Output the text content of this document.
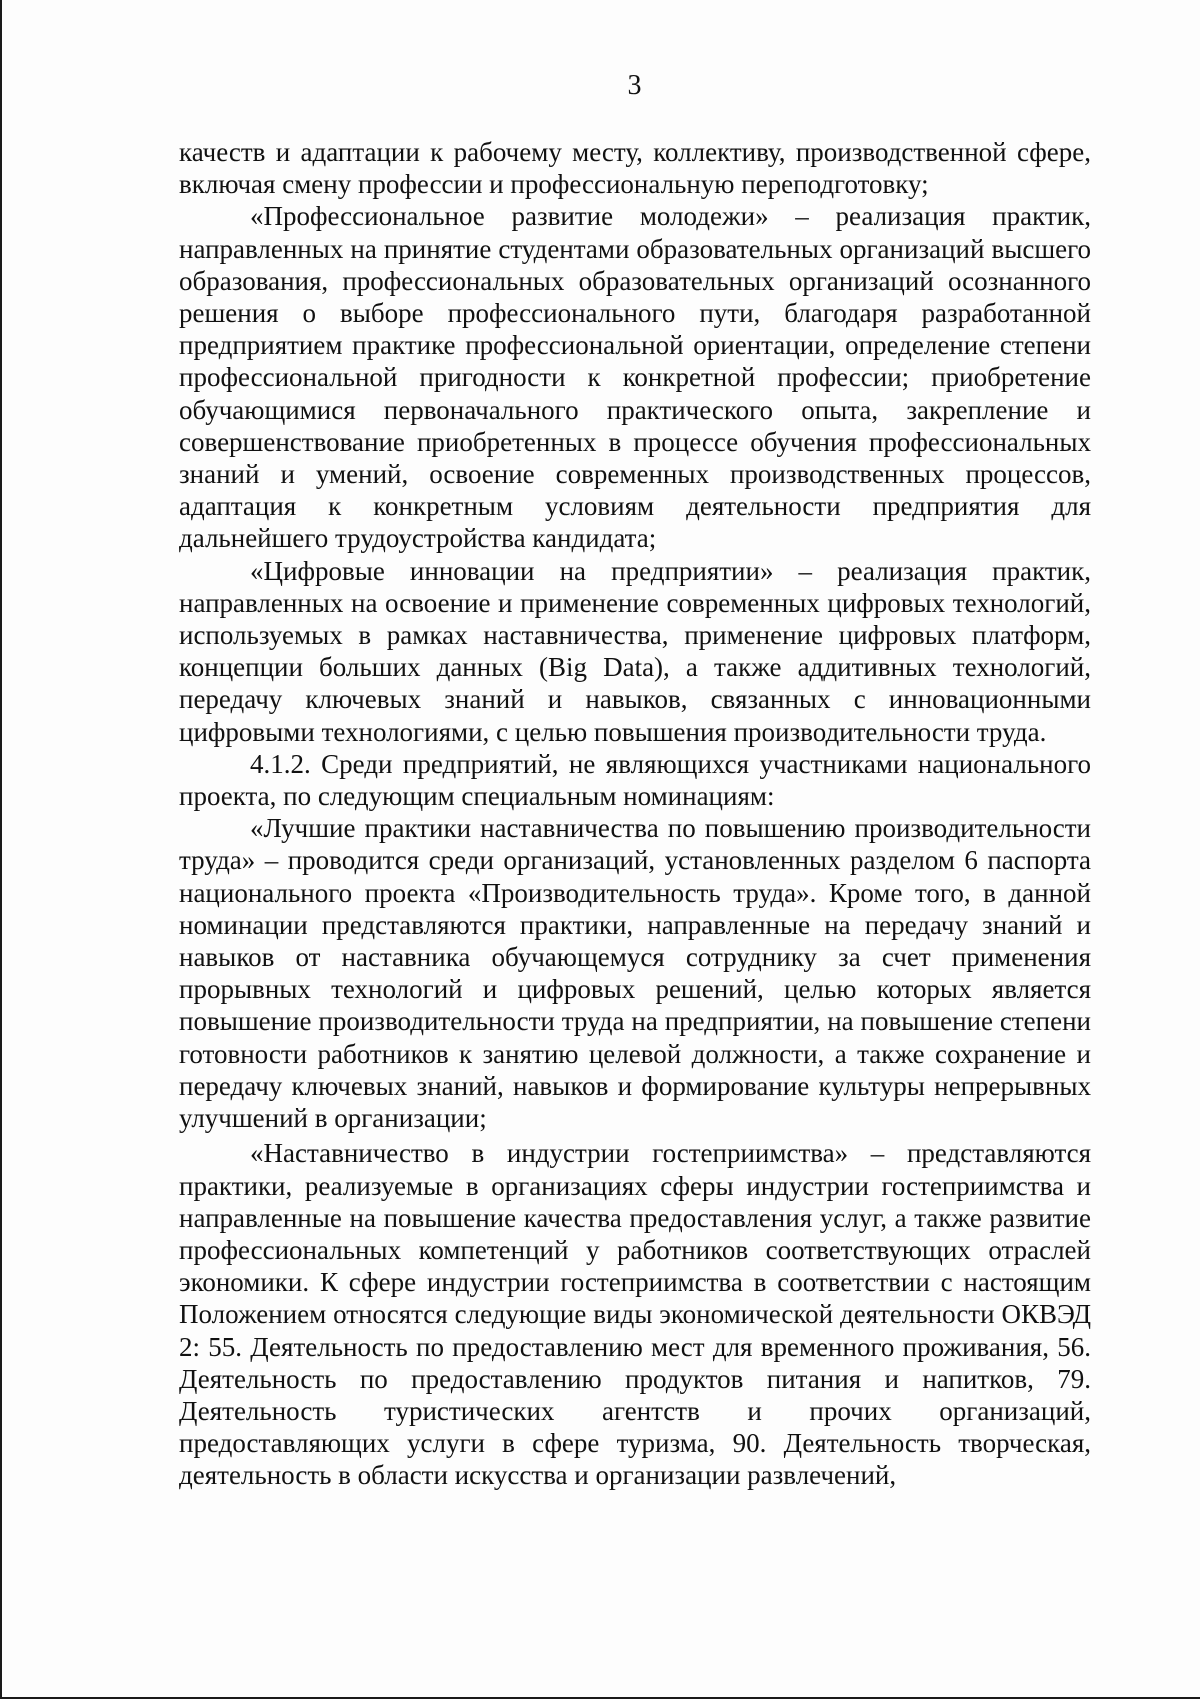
3

качеств и адаптации к рабочему месту, коллективу, производственной сфере, включая смену профессии и профессиональную переподготовку;

«Профессиональное развитие молодежи» – реализация практик, направленных на принятие студентами образовательных организаций высшего образования, профессиональных образовательных организаций осознанного решения о выборе профессионального пути, благодаря разработанной предприятием практике профессиональной ориентации, определение степени профессиональной пригодности к конкретной профессии; приобретение обучающимися первоначального практического опыта, закрепление и совершенствование приобретенных в процессе обучения профессиональных знаний и умений, освоение современных производственных процессов, адаптация к конкретным условиям деятельности предприятия для дальнейшего трудоустройства кандидата;

«Цифровые инновации на предприятии» – реализация практик, направленных на освоение и применение современных цифровых технологий, используемых в рамках наставничества, применение цифровых платформ, концепции больших данных (Big Data), а также аддитивных технологий, передачу ключевых знаний и навыков, связанных с инновационными цифровыми технологиями, с целью повышения производительности труда.

4.1.2. Среди предприятий, не являющихся участниками национального проекта, по следующим специальным номинациям:

«Лучшие практики наставничества по повышению производительности труда» – проводится среди организаций, установленных разделом 6 паспорта национального проекта «Производительность труда». Кроме того, в данной номинации представляются практики, направленные на передачу знаний и навыков от наставника обучающемуся сотруднику за счет применения прорывных технологий и цифровых решений, целью которых является повышение производительности труда на предприятии, на повышение степени готовности работников к занятию целевой должности, а также сохранение и передачу ключевых знаний, навыков и формирование культуры непрерывных улучшений в организации;

«Наставничество в индустрии гостеприимства» – представляются практики, реализуемые в организациях сферы индустрии гостеприимства и направленные на повышение качества предоставления услуг, а также развитие профессиональных компетенций у работников соответствующих отраслей экономики. К сфере индустрии гостеприимства в соответствии с настоящим Положением относятся следующие виды экономической деятельности ОКВЭД 2: 55. Деятельность по предоставлению мест для временного проживания, 56. Деятельность по предоставлению продуктов питания и напитков, 79. Деятельность туристических агентств и прочих организаций, предоставляющих услуги в сфере туризма, 90. Деятельность творческая, деятельность в области искусства и организации развлечений,
